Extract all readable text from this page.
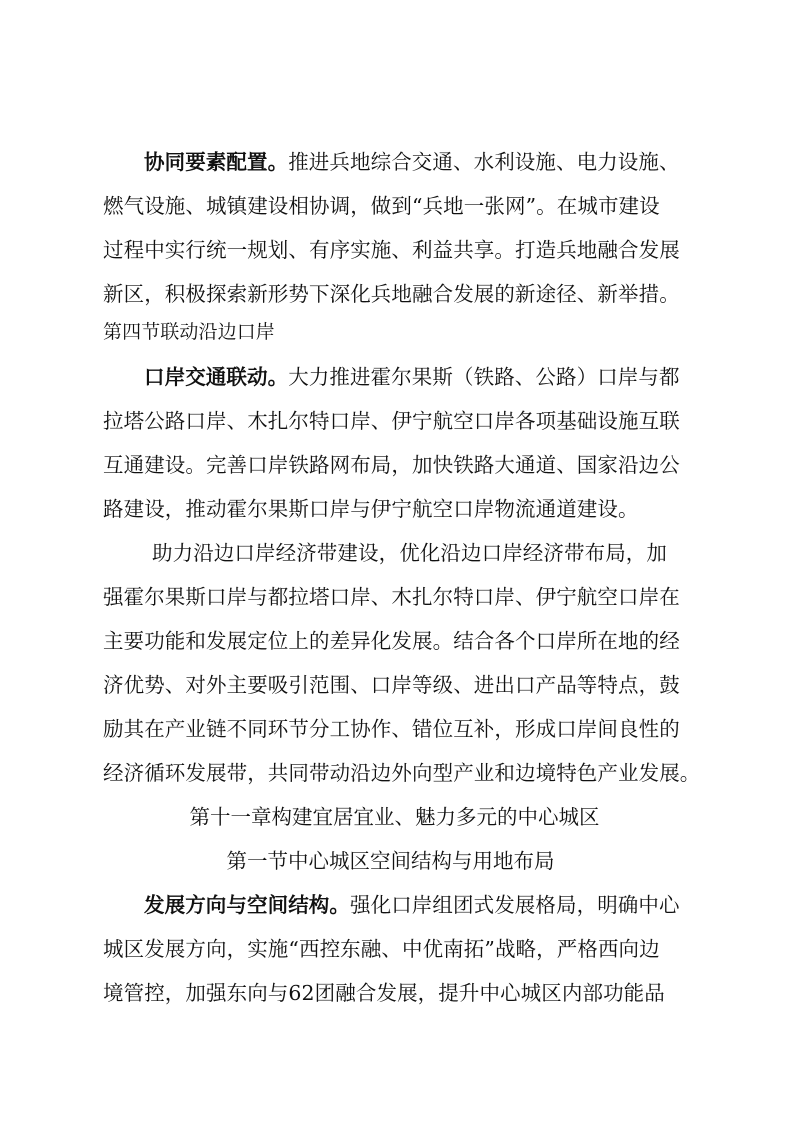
协同要素配置。推进兵地综合交通、水利设施、电力设施、
燃气设施、城镇建设相协调，做到“兵地一张网”。在城市建设
过程中实行统一规划、有序实施、利益共享。打造兵地融合发展
新区，积极探索新形势下深化兵地融合发展的新途径、新举措。
第四节联动沿边口岸
口岸交通联动。大力推进霍尔果斯（铁路、公路）口岸与都
拉塔公路口岸、木扎尔特口岸、伊宁航空口岸各项基础设施互联
互通建设。完善口岸铁路网布局，加快铁路大通道、国家沿边公
路建设，推动霍尔果斯口岸与伊宁航空口岸物流通道建设。
助力沿边口岸经济带建设，优化沿边口岸经济带布局，加
强霍尔果斯口岸与都拉塔口岸、木扎尔特口岸、伊宁航空口岸在
主要功能和发展定位上的差异化发展。结合各个口岸所在地的经
济优势、对外主要吸引范围、口岸等级、进出口产品等特点，鼓
励其在产业链不同环节分工协作、错位互补，形成口岸间良性的
经济循环发展带，共同带动沿边外向型产业和边境特色产业发展。
第十一章构建宜居宜业、魅力多元的中心城区
第一节中心城区空间结构与用地布局
发展方向与空间结构。强化口岸组团式发展格局，明确中心
城区发展方向，实施“西控东融、中优南拓”战略，严格西向边
境管控，加强东向与62团融合发展，提升中心城区内部功能品
